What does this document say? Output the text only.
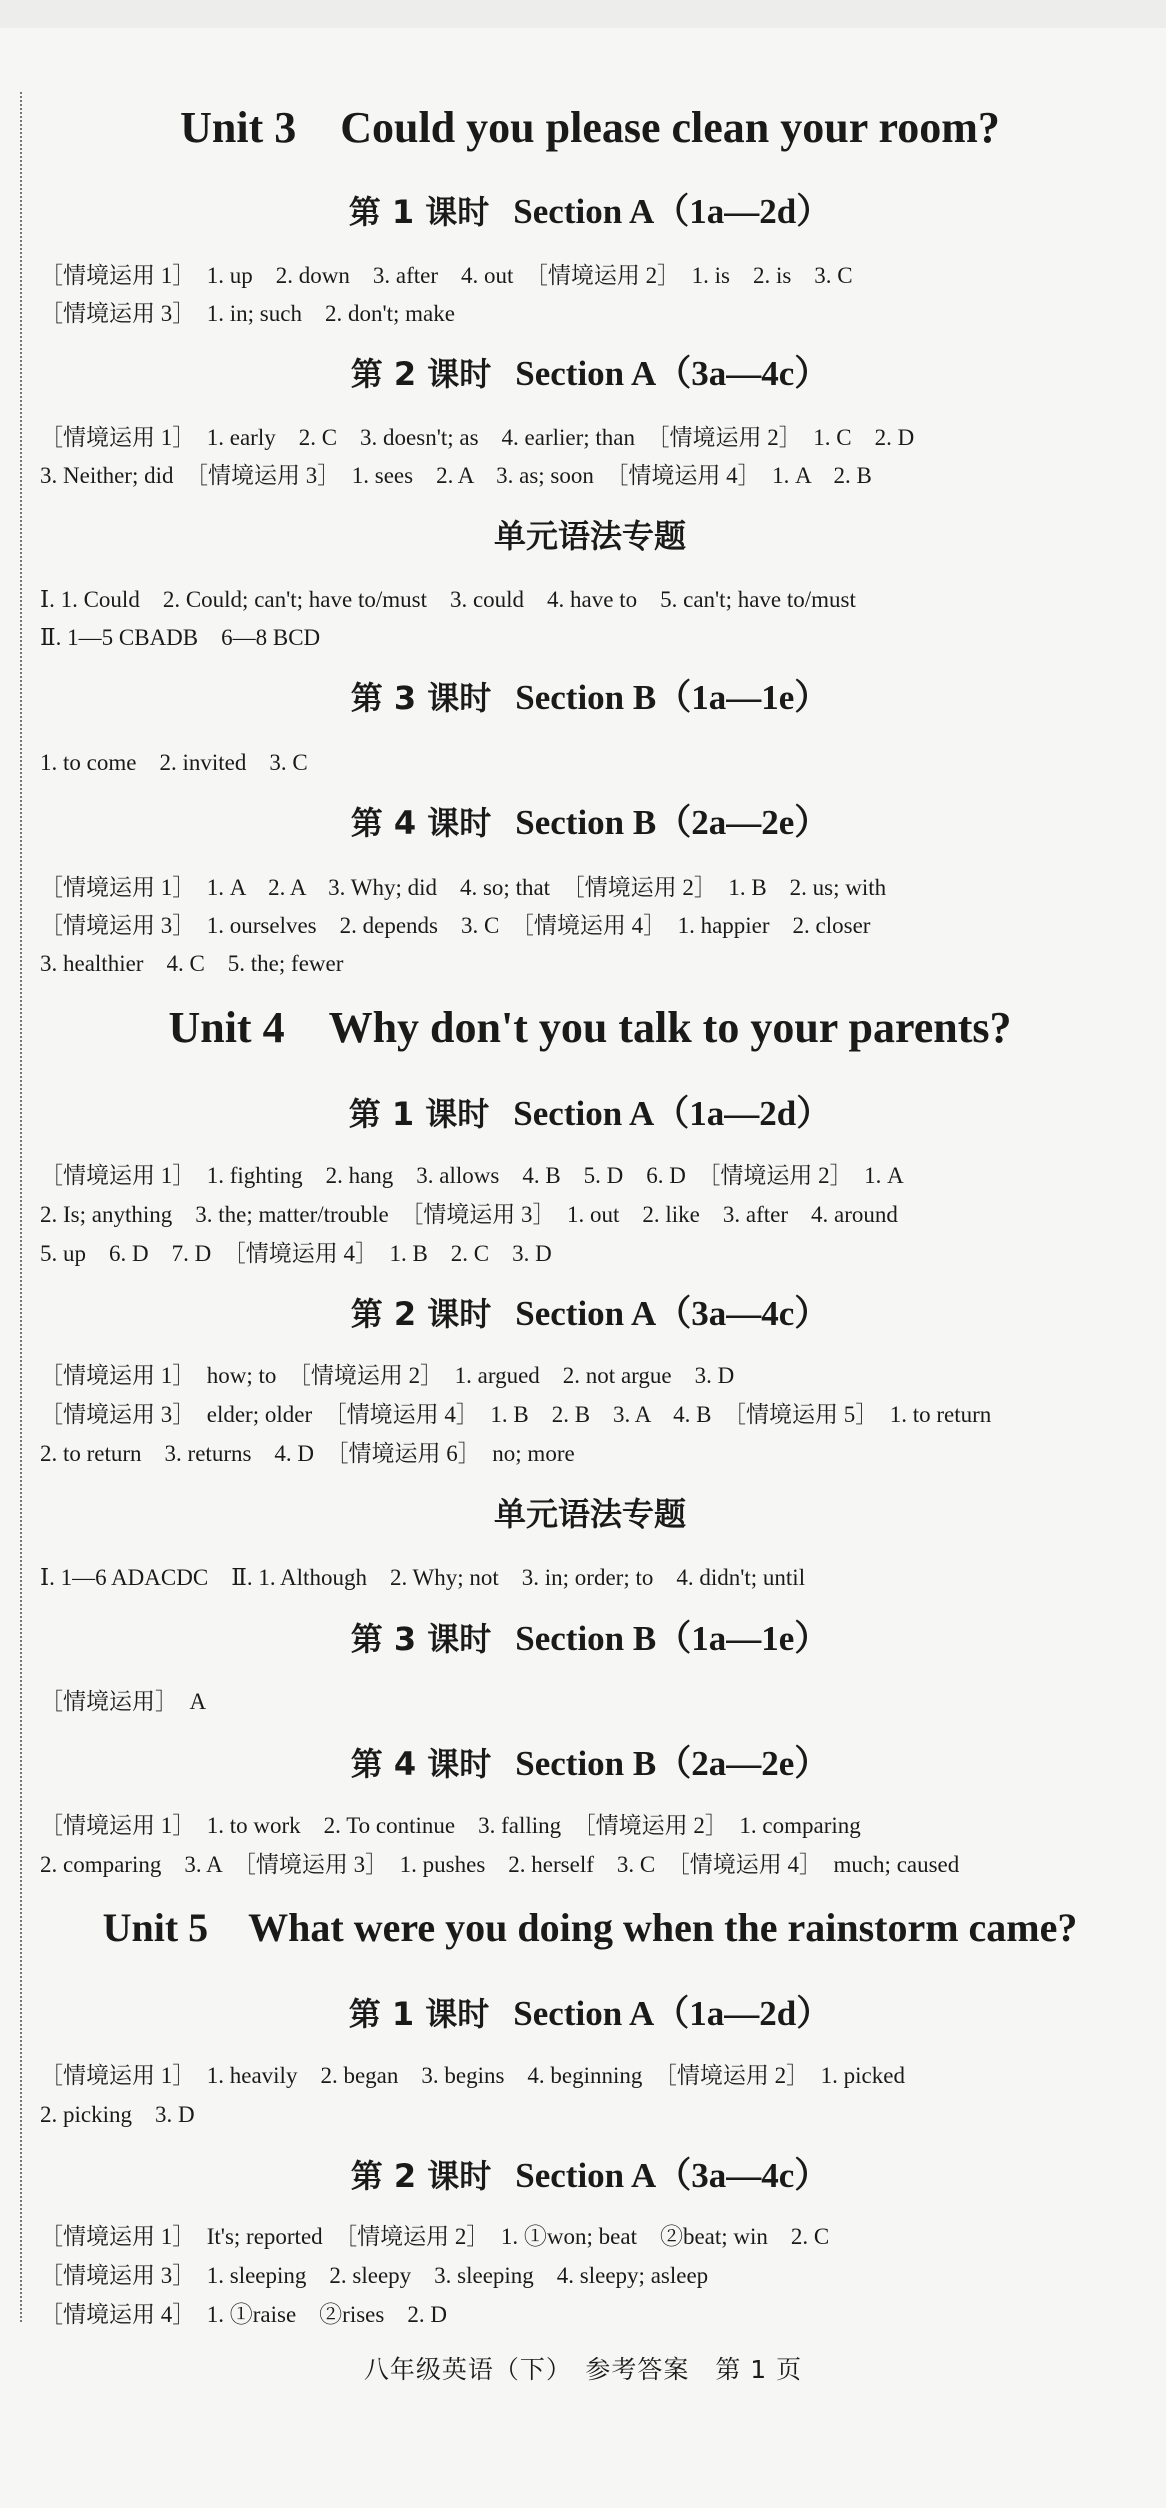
Unit 3　Could you please clean your room?
第 1 课时 Section A（1a—2d）
［情境运用 1］　1. up　2. down　3. after　4. out　［情境运用 2］　1. is　2. is　3. C
［情境运用 3］　1. in; such　2. don't; make
第 2 课时 Section A（3a—4c）
［情境运用 1］　1. early　2. C　3. doesn't; as　4. earlier; than　［情境运用 2］　1. C　2. D
3. Neither; did　［情境运用 3］　1. sees　2. A　3. as; soon　［情境运用 4］　1. A　2. B
单元语法专题
Ⅰ. 1. Could　2. Could; can't; have to/must　3. could　4. have to　5. can't; have to/must
Ⅱ. 1—5 CBADB　6—8 BCD
第 3 课时 Section B（1a—1e）
1. to come　2. invited　3. C
第 4 课时 Section B（2a—2e）
［情境运用 1］　1. A　2. A　3. Why; did　4. so; that　［情境运用 2］　1. B　2. us; with
［情境运用 3］　1. ourselves　2. depends　3. C　［情境运用 4］　1. happier　2. closer
3. healthier　4. C　5. the; fewer
Unit 4　Why don't you talk to your parents?
第 1 课时 Section A（1a—2d）
［情境运用 1］　1. fighting　2. hang　3. allows　4. B　5. D　6. D　［情境运用 2］　1. A
2. Is; anything　3. the; matter/trouble　［情境运用 3］　1. out　2. like　3. after　4. around
5. up　6. D　7. D　［情境运用 4］　1. B　2. C　3. D
第 2 课时 Section A（3a—4c）
［情境运用 1］　how; to　［情境运用 2］　1. argued　2. not argue　3. D
［情境运用 3］　elder; older　［情境运用 4］　1. B　2. B　3. A　4. B　［情境运用 5］　1. to return
2. to return　3. returns　4. D　［情境运用 6］　no; more
单元语法专题
Ⅰ. 1—6 ADACDC　Ⅱ. 1. Although　2. Why; not　3. in; order; to　4. didn't; until
第 3 课时 Section B（1a—1e）
［情境运用］　A
第 4 课时 Section B（2a—2e）
［情境运用 1］　1. to work　2. To continue　3. falling　［情境运用 2］　1. comparing
2. comparing　3. A　［情境运用 3］　1. pushes　2. herself　3. C　［情境运用 4］　much; caused
Unit 5　What were you doing when the rainstorm came?
第 1 课时 Section A（1a—2d）
［情境运用 1］　1. heavily　2. began　3. begins　4. beginning　［情境运用 2］　1. picked
2. picking　3. D
第 2 课时 Section A（3a—4c）
［情境运用 1］　It's; reported　［情境运用 2］　1. ①won; beat　②beat; win　2. C
［情境运用 3］　1. sleeping　2. sleepy　3. sleeping　4. sleepy; asleep
［情境运用 4］　1. ①raise　②rises　2. D
八年级英语（下）　参考答案　第 1 页
